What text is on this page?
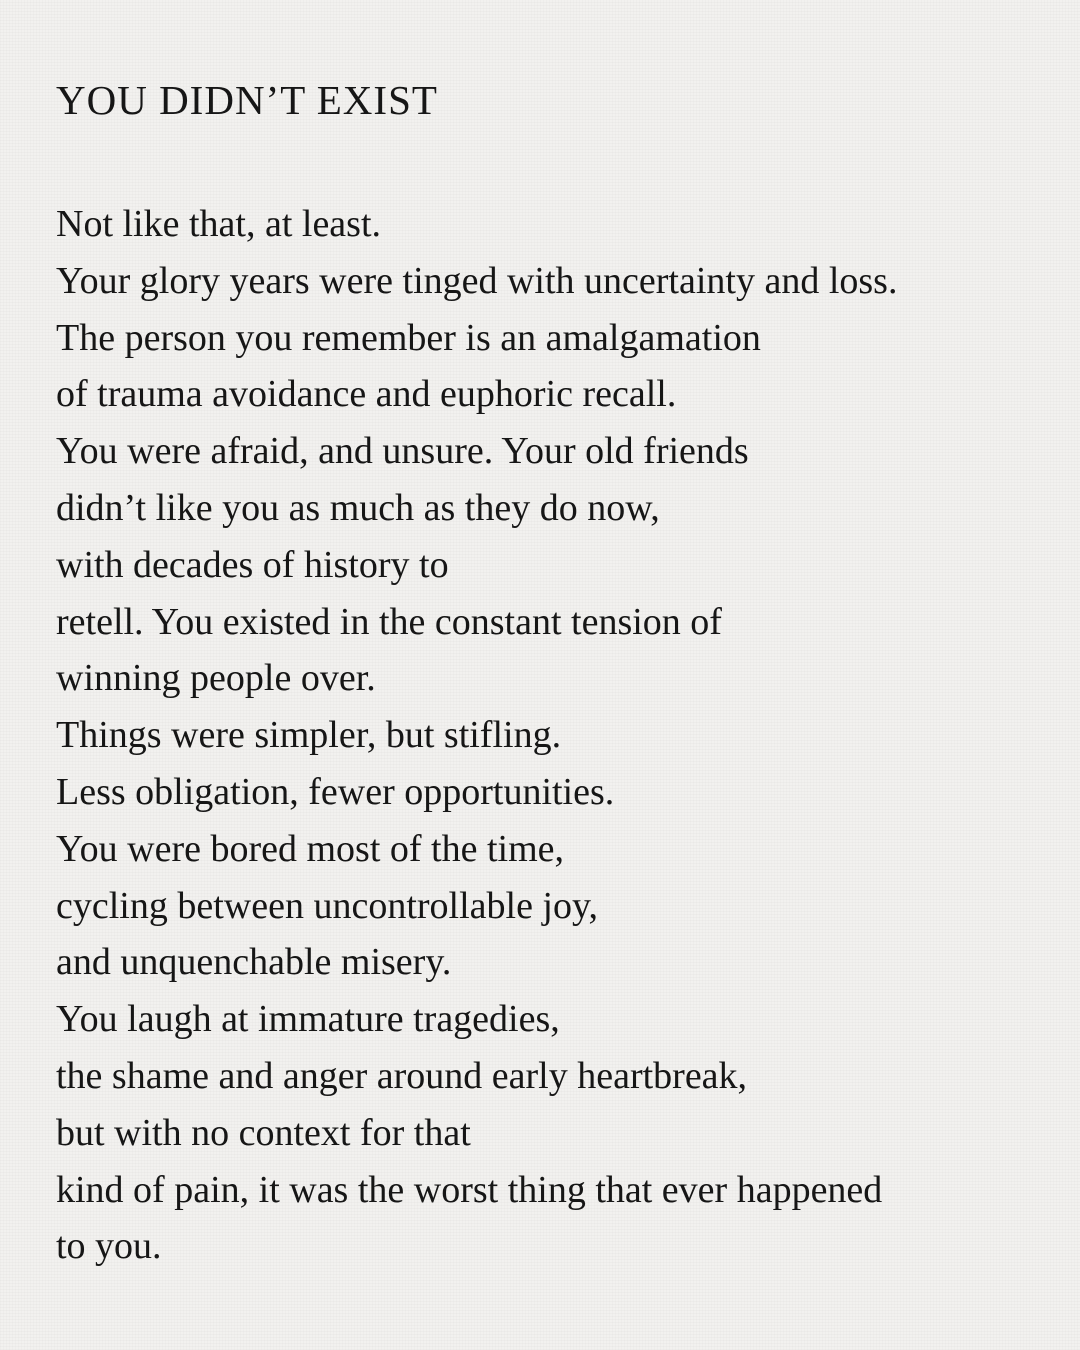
YOU DIDN’T EXIST
Not like that, at least.
Your glory years were tinged with uncertainty and loss.
The person you remember is an amalgamation
of trauma avoidance and euphoric recall.
You were afraid, and unsure. Your old friends
didn’t like you as much as they do now,
with decades of history to
retell. You existed in the constant tension of
winning people over.
Things were simpler, but stifling.
Less obligation, fewer opportunities.
You were bored most of the time,
cycling between uncontrollable joy,
and unquenchable misery.
You laugh at immature tragedies,
the shame and anger around early heartbreak,
but with no context for that
kind of pain, it was the worst thing that ever happened
to you.
